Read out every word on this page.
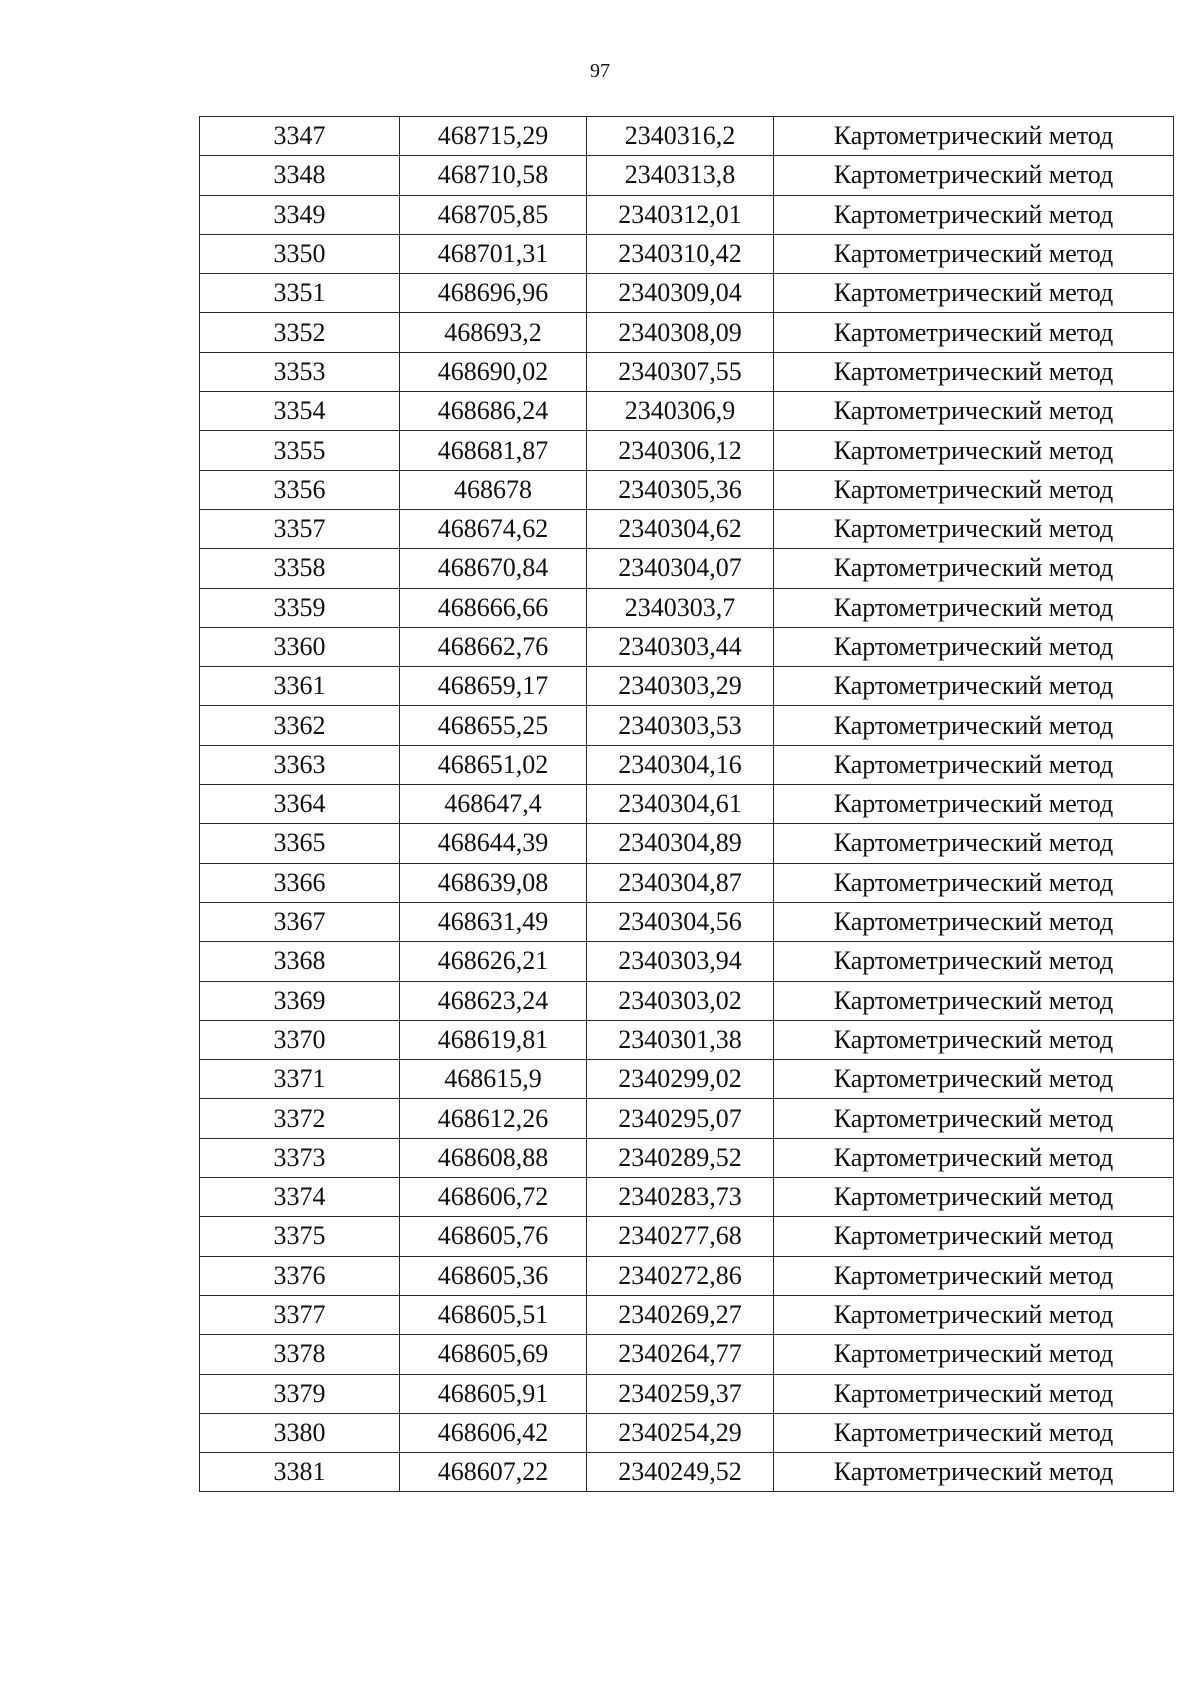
97
3347	468715,29	2340316,2	Картометрический метод
3348	468710,58	2340313,8	Картометрический метод
3349	468705,85	2340312,01	Картометрический метод
3350	468701,31	2340310,42	Картометрический метод
3351	468696,96	2340309,04	Картометрический метод
3352	468693,2	2340308,09	Картометрический метод
3353	468690,02	2340307,55	Картометрический метод
3354	468686,24	2340306,9	Картометрический метод
3355	468681,87	2340306,12	Картометрический метод
3356	468678	2340305,36	Картометрический метод
3357	468674,62	2340304,62	Картометрический метод
3358	468670,84	2340304,07	Картометрический метод
3359	468666,66	2340303,7	Картометрический метод
3360	468662,76	2340303,44	Картометрический метод
3361	468659,17	2340303,29	Картометрический метод
3362	468655,25	2340303,53	Картометрический метод
3363	468651,02	2340304,16	Картометрический метод
3364	468647,4	2340304,61	Картометрический метод
3365	468644,39	2340304,89	Картометрический метод
3366	468639,08	2340304,87	Картометрический метод
3367	468631,49	2340304,56	Картометрический метод
3368	468626,21	2340303,94	Картометрический метод
3369	468623,24	2340303,02	Картометрический метод
3370	468619,81	2340301,38	Картометрический метод
3371	468615,9	2340299,02	Картометрический метод
3372	468612,26	2340295,07	Картометрический метод
3373	468608,88	2340289,52	Картометрический метод
3374	468606,72	2340283,73	Картометрический метод
3375	468605,76	2340277,68	Картометрический метод
3376	468605,36	2340272,86	Картометрический метод
3377	468605,51	2340269,27	Картометрический метод
3378	468605,69	2340264,77	Картометрический метод
3379	468605,91	2340259,37	Картометрический метод
3380	468606,42	2340254,29	Картометрический метод
3381	468607,22	2340249,52	Картометрический метод
